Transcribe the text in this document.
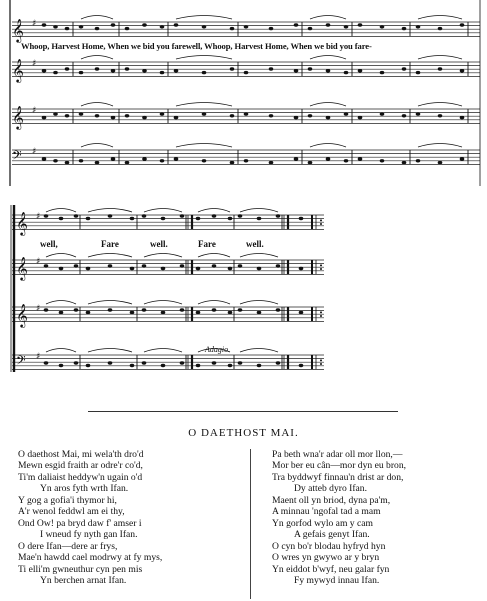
𝄞 ♯
𝄞 ♯
𝄞 ♯
𝄢 ♯
𝄞 ♯
𝄞 ♯
𝄞 ♯
𝄢 ♯
Whoop, Harvest Home, When we bid you farewell, Whoop, Harvest Home, When we bid you fare-
well,	Fare	well.	Fare	well.
Adagio.
O DAETHOST MAI.
O daethost Mai, mi wela'th dro'd
Mewn esgid fraith ar odre'r co'd,
Ti'm daliaist heddyw'n ugain o'd
Yn aros fyth wrth Ifan.
Y gog a gofia'i thymor hi,
A'r wenol feddwl am ei thy,
Ond Ow! pa bryd daw f' amser i
I wneud fy nyth gan Ifan.
O dere Ifan—dere ar frys,
Mae'n hawdd cael modrwy at fy mys,
Ti elli'm gwneuthur cyn pen mis
Yn berchen arnat Ifan.
Pa beth wna'r adar oll mor llon,—
Mor ber eu cân—mor dyn eu bron,
Tra byddwyf finnau'n drist ar don,
Dy atteb dyro Ifan.
Maent oll yn briod, dyna pa'm,
A minnau 'ngofal tad a mam
Yn gorfod wylo am y cam
A gefais genyt Ifan.
O cyn bo'r blodau hyfryd hyn
O wres yn gwywo ar y bryn
Yn eiddot b'wyf, neu galar fyn
Fy mywyd innau Ifan.
